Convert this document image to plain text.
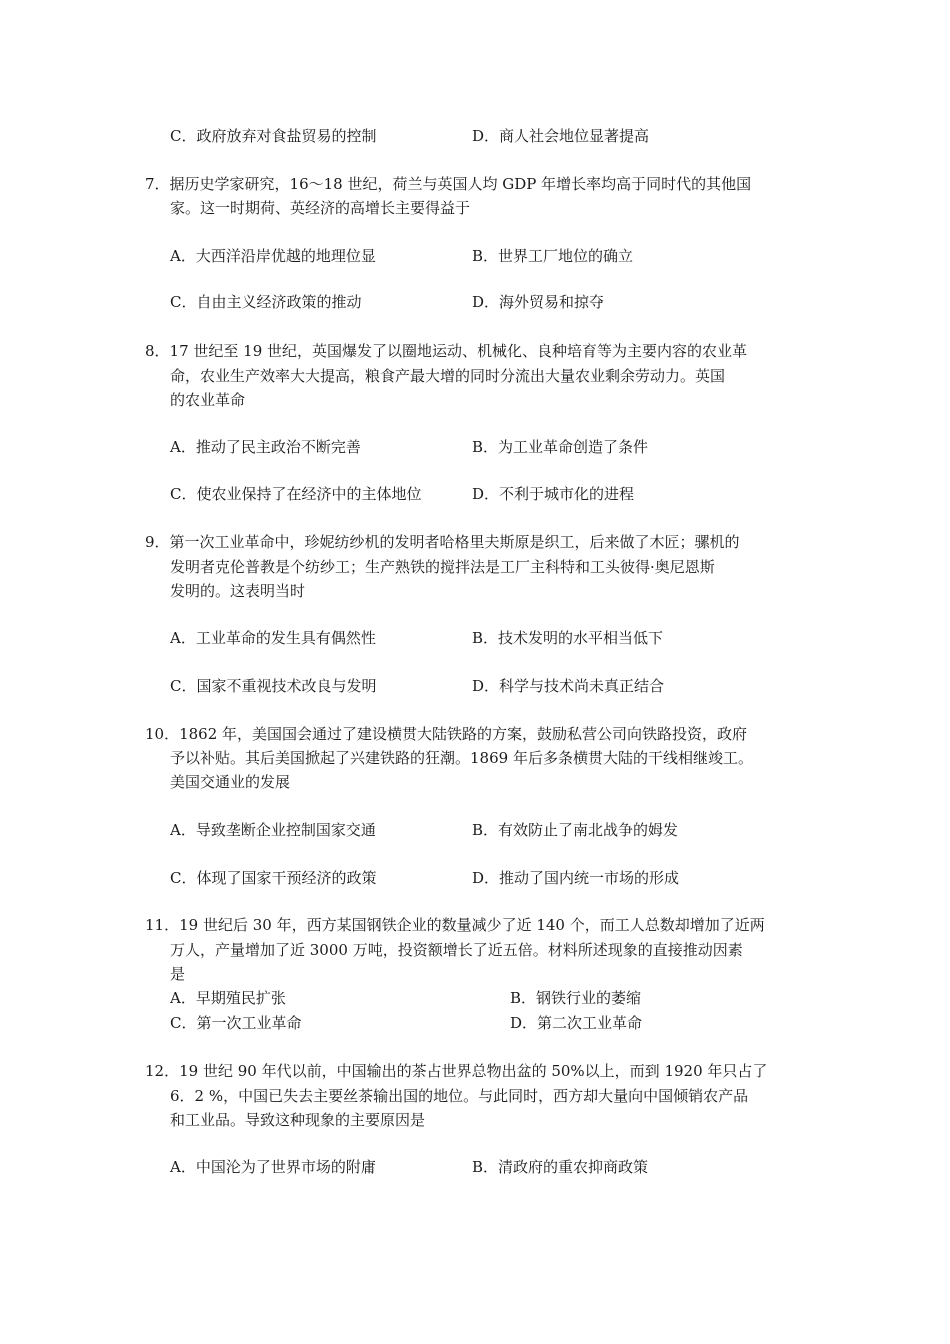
C．政府放弃对食盐贸易的控制	D．商人社会地位显著提高
7．据历史学家研究，16～18 世纪，荷兰与英国人均 GDP 年增长率均高于同时代的其他国
家。这一时期荷、英经济的高增长主要得益于
A．大西洋沿岸优越的地理位显	B．世界工厂地位的确立
C．自由主义经济政策的推动	D．海外贸易和掠夺
8．17 世纪至 19 世纪，英国爆发了以圈地运动、机械化、良种培育等为主要内容的农业革
命，农业生产效率大大提高，粮食产最大增的同时分流出大量农业剩余劳动力。英国
的农业革命
A．推动了民主政治不断完善	B．为工业革命创造了条件
C．使农业保持了在经济中的主体地位	D．不利于城市化的进程
9．第一次工业革命中，珍妮纺纱机的发明者哈格里夫斯原是织工，后来做了木匠；骡机的
发明者克伦普教是个纺纱工；生产熟铁的搅拌法是工厂主科特和工头彼得·奥尼恩斯
发明的。这表明当时
A．工业革命的发生具有偶然性	B．技术发明的水平相当低下
C．国家不重视技术改良与发明	D．科学与技术尚未真正结合
10．1862 年，美国国会通过了建设横贯大陆铁路的方案，鼓励私营公司向铁路投资，政府
予以补贴。其后美国掀起了兴建铁路的狂潮。1869 年后多条横贯大陆的干线相继竣工。
美国交通业的发展
A．导致垄断企业控制国家交通	B．有效防止了南北战争的姆发
C．体现了国家干预经济的政策	D．推动了国内统一市场的形成
11．19 世纪后 30 年，西方某国钢铁企业的数量减少了近 140 个，而工人总数却增加了近两
万人，产量增加了近 3000 万吨，投资额增长了近五倍。材料所述现象的直接推动因素
是
A．早期殖民扩张	B．钢铁行业的萎缩
C．第一次工业革命	D．第二次工业革命
12．19 世纪 90 年代以前，中国输出的茶占世界总物出盆的 50%以上，而到 1920 年只占了
6．2 %，中国已失去主要丝茶输出国的地位。与此同时，西方却大量向中国倾销农产品
和工业品。导致这种现象的主要原因是
A．中国沦为了世界市场的附庸	B．清政府的重农抑商政策
